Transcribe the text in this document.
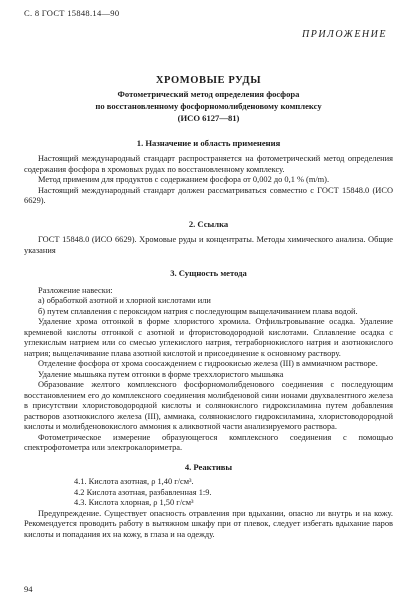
С. 8 ГОСТ 15848.14—90
ПРИЛОЖЕНИЕ
ХРОМОВЫЕ РУДЫ
Фотометрический метод определения фосфора
по восстановленному фосфорномолибденовому комплексу
(ИСО 6127—81)
1. Назначение и область применения

Настоящий международный стандарт распространяется на фотометрический метод определения содержания фосфора в хромовых рудах по восстановленному комплексу.

Метод применим для продуктов с содержанием фосфора от 0,002 до 0,1 % (m/m).

Настоящий международный стандарт должен рассматриваться совместно с ГОСТ 15848.0 (ИСО 6629).

2. Ссылка

ГОСТ 15848.0 (ИСО 6629). Хромовые руды и концентраты. Методы химического анализа. Общие указания

3. Сущность метода

Разложение навески:

а) обработкой азотной и хлорной кислотами или

б) путем сплавления с пероксидом натрия с последующим выщелачиванием плава водой.

Удаление хрома отгонкой в форме хлористого хромила. Отфильтровывание осадка. Удаление кремневой кислоты отгонкой с азотной и фтористоводородной кислотами. Сплавление осадка с углекислым натрием или со смесью углекислого натрия, тетраборнокислого натрия и азотнокислого натрия; выщелачивание плава азотной кислотой и присоединение к основному раствору.

Отделение фосфора от хрома соосаждением с гидроокисью железа (III) в аммиачном растворе.

Удаление мышьяка путем отгонки в форме треххлористого мышьяка

Образование желтого комплексного фосфорномолибденового соединения с последующим восстановлением его до комплексного соединения молибденовой сини ионами двухвалентного железа в присутствии хлористоводородной кислоты и солянокислого гидроксиламина путем добавления растворов азотнокислого железа (III), аммиака, солянокислого гидроксиламина, хлористоводородной кислоты и молибденовокислого аммония к аликвотной части анализируемого раствора.

Фотометрическое измерение образующегося комплексного соединения с помощью спектрофотометра или электрокалориметра.

4. Реактивы

4.1. Кислота азотная, ρ 1,40 г/см³.

4.2 Кислота азотная, разбавленная 1:9.

4.3. Кислота хлорная, ρ 1,50 г/см³

Предупреждение. Существует опасность отравления при вдыхании, опасно ли внутрь и на кожу. Рекомендуется проводить работу в вытяжном шкафу при от плевок, следует избегать вдыхание паров кислоты и попадания их на кожу, в глаза и на одежду.

94
